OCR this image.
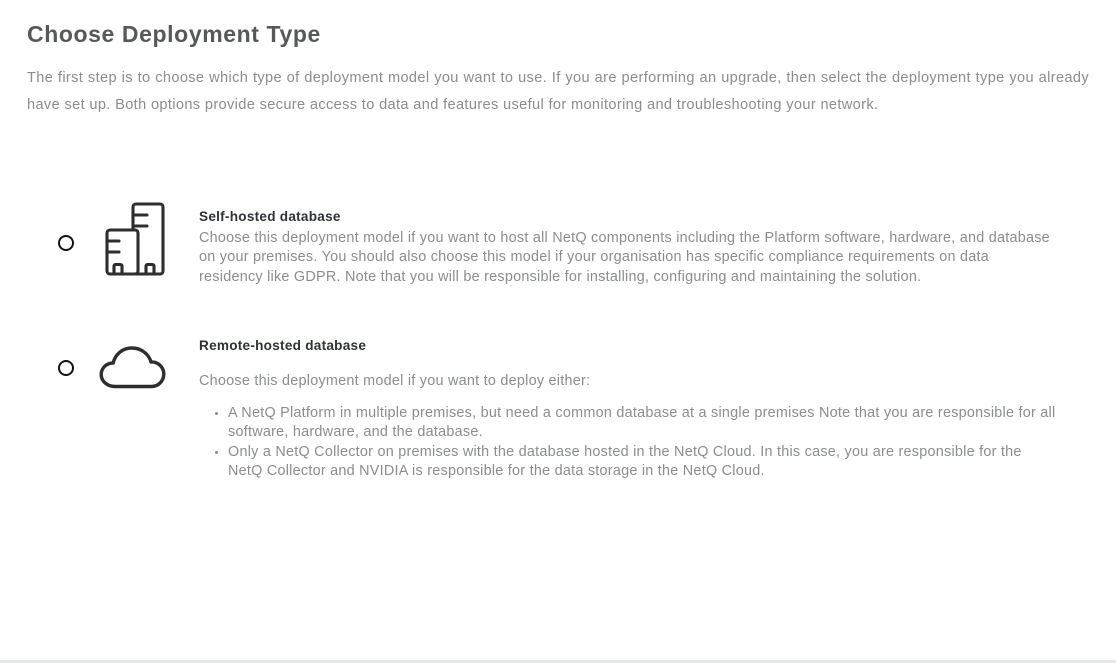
Choose Deployment Type

The first step is to choose which type of deployment model you want to use. If you are performing an upgrade, then select the deployment type you already have set up. Both options provide secure access to data and features useful for monitoring and troubleshooting your network.

Self-hosted database

Choose this deployment model if you want to host all NetQ components including the Platform software, hardware, and database on your premises. You should also choose this model if your organisation has specific compliance requirements on data residency like GDPR. Note that you will be responsible for installing, configuring and maintaining the solution.

Remote-hosted database

Choose this deployment model if you want to deploy either:

• A NetQ Platform in multiple premises, but need a common database at a single premises Note that you are responsible for all software, hardware, and the database.
• Only a NetQ Collector on premises with the database hosted in the NetQ Cloud. In this case, you are responsible for the NetQ Collector and NVIDIA is responsible for the data storage in the NetQ Cloud.
